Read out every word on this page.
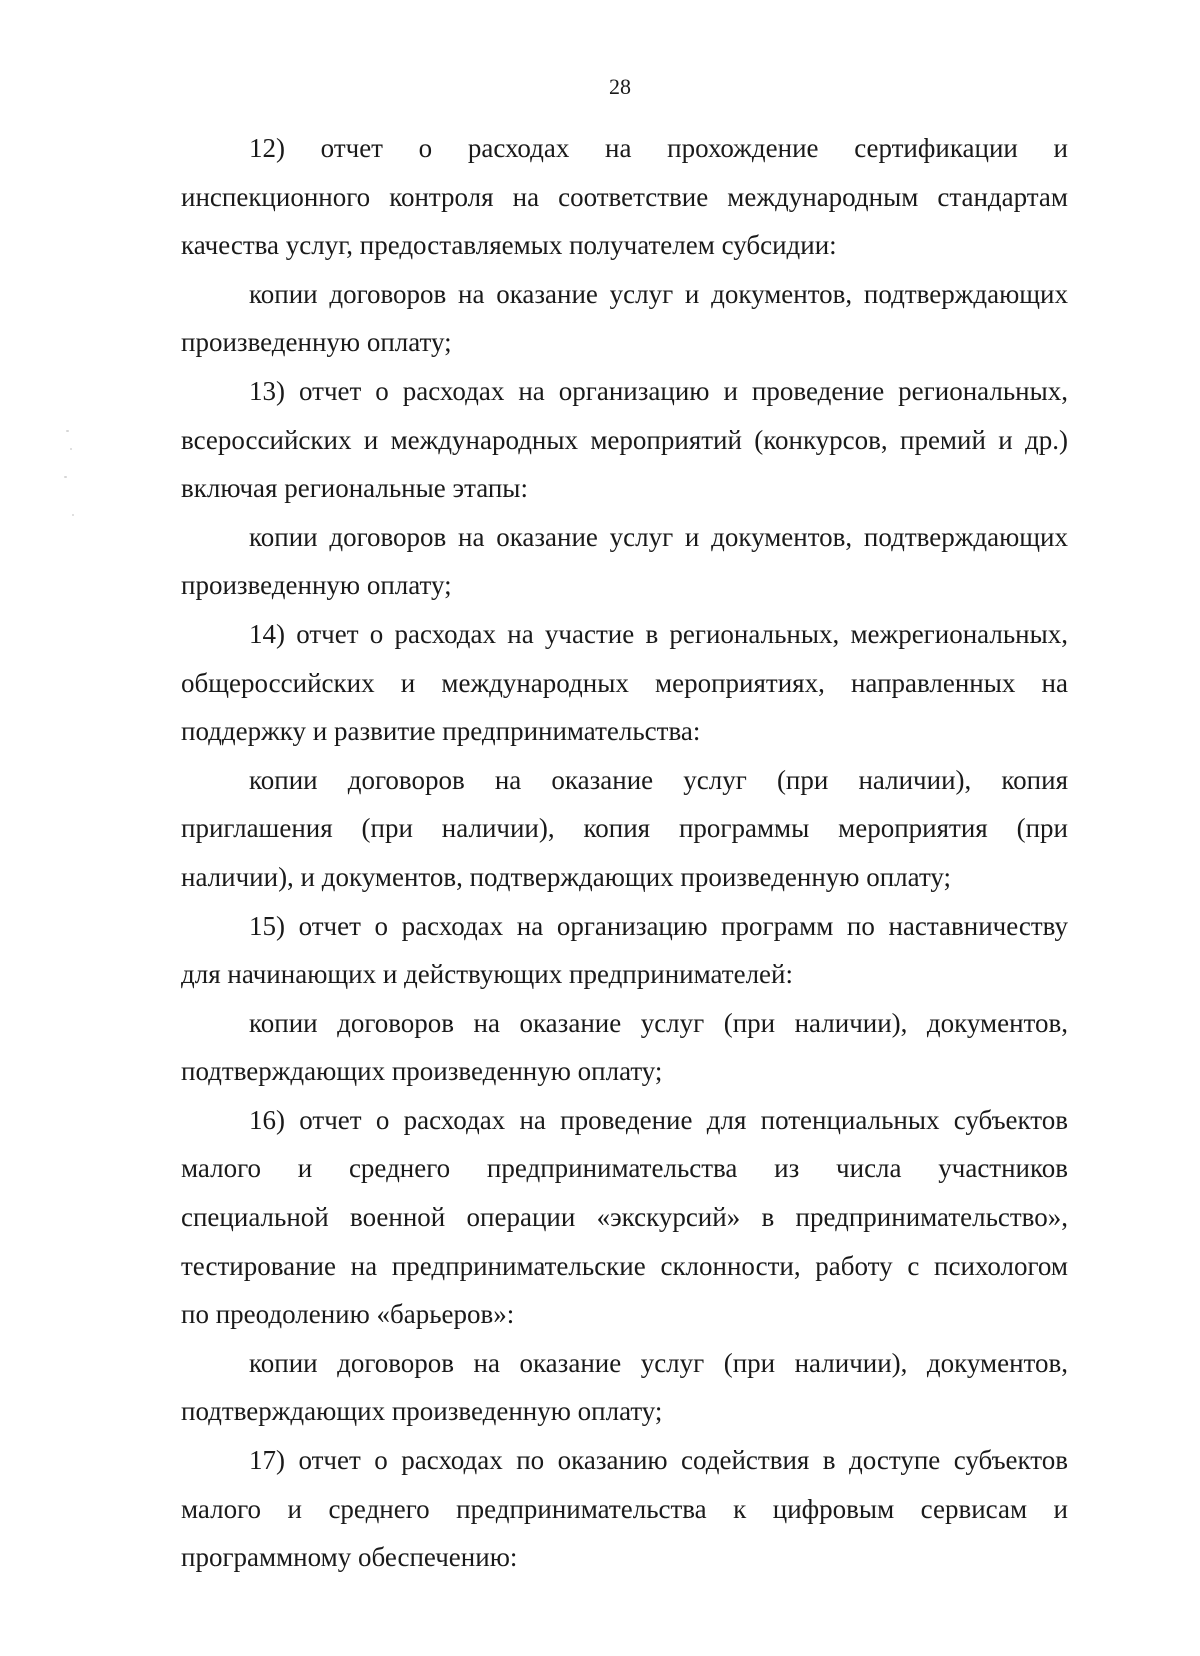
28
12) отчет о расходах на прохождение сертификации и
инспекционного контроля на соответствие международным стандартам
качества услуг, предоставляемых получателем субсидии:
копии договоров на оказание услуг и документов, подтверждающих
произведенную оплату;
13) отчет о расходах на организацию и проведение региональных,
всероссийских и международных мероприятий (конкурсов, премий и др.)
включая региональные этапы:
копии договоров на оказание услуг и документов, подтверждающих
произведенную оплату;
14) отчет о расходах на участие в региональных, межрегиональных,
общероссийских и международных мероприятиях, направленных на
поддержку и развитие предпринимательства:
копии договоров на оказание услуг (при наличии), копия
приглашения (при наличии), копия программы мероприятия (при
наличии), и документов, подтверждающих произведенную оплату;
15) отчет о расходах на организацию программ по наставничеству
для начинающих и действующих предпринимателей:
копии договоров на оказание услуг (при наличии), документов,
подтверждающих произведенную оплату;
16) отчет о расходах на проведение для потенциальных субъектов
малого и среднего предпринимательства из числа участников
специальной военной операции «экскурсий» в предпринимательство»,
тестирование на предпринимательские склонности, работу с психологом
по преодолению «барьеров»:
копии договоров на оказание услуг (при наличии), документов,
подтверждающих произведенную оплату;
17) отчет о расходах по оказанию содействия в доступе субъектов
малого и среднего предпринимательства к цифровым сервисам и
программному обеспечению:
